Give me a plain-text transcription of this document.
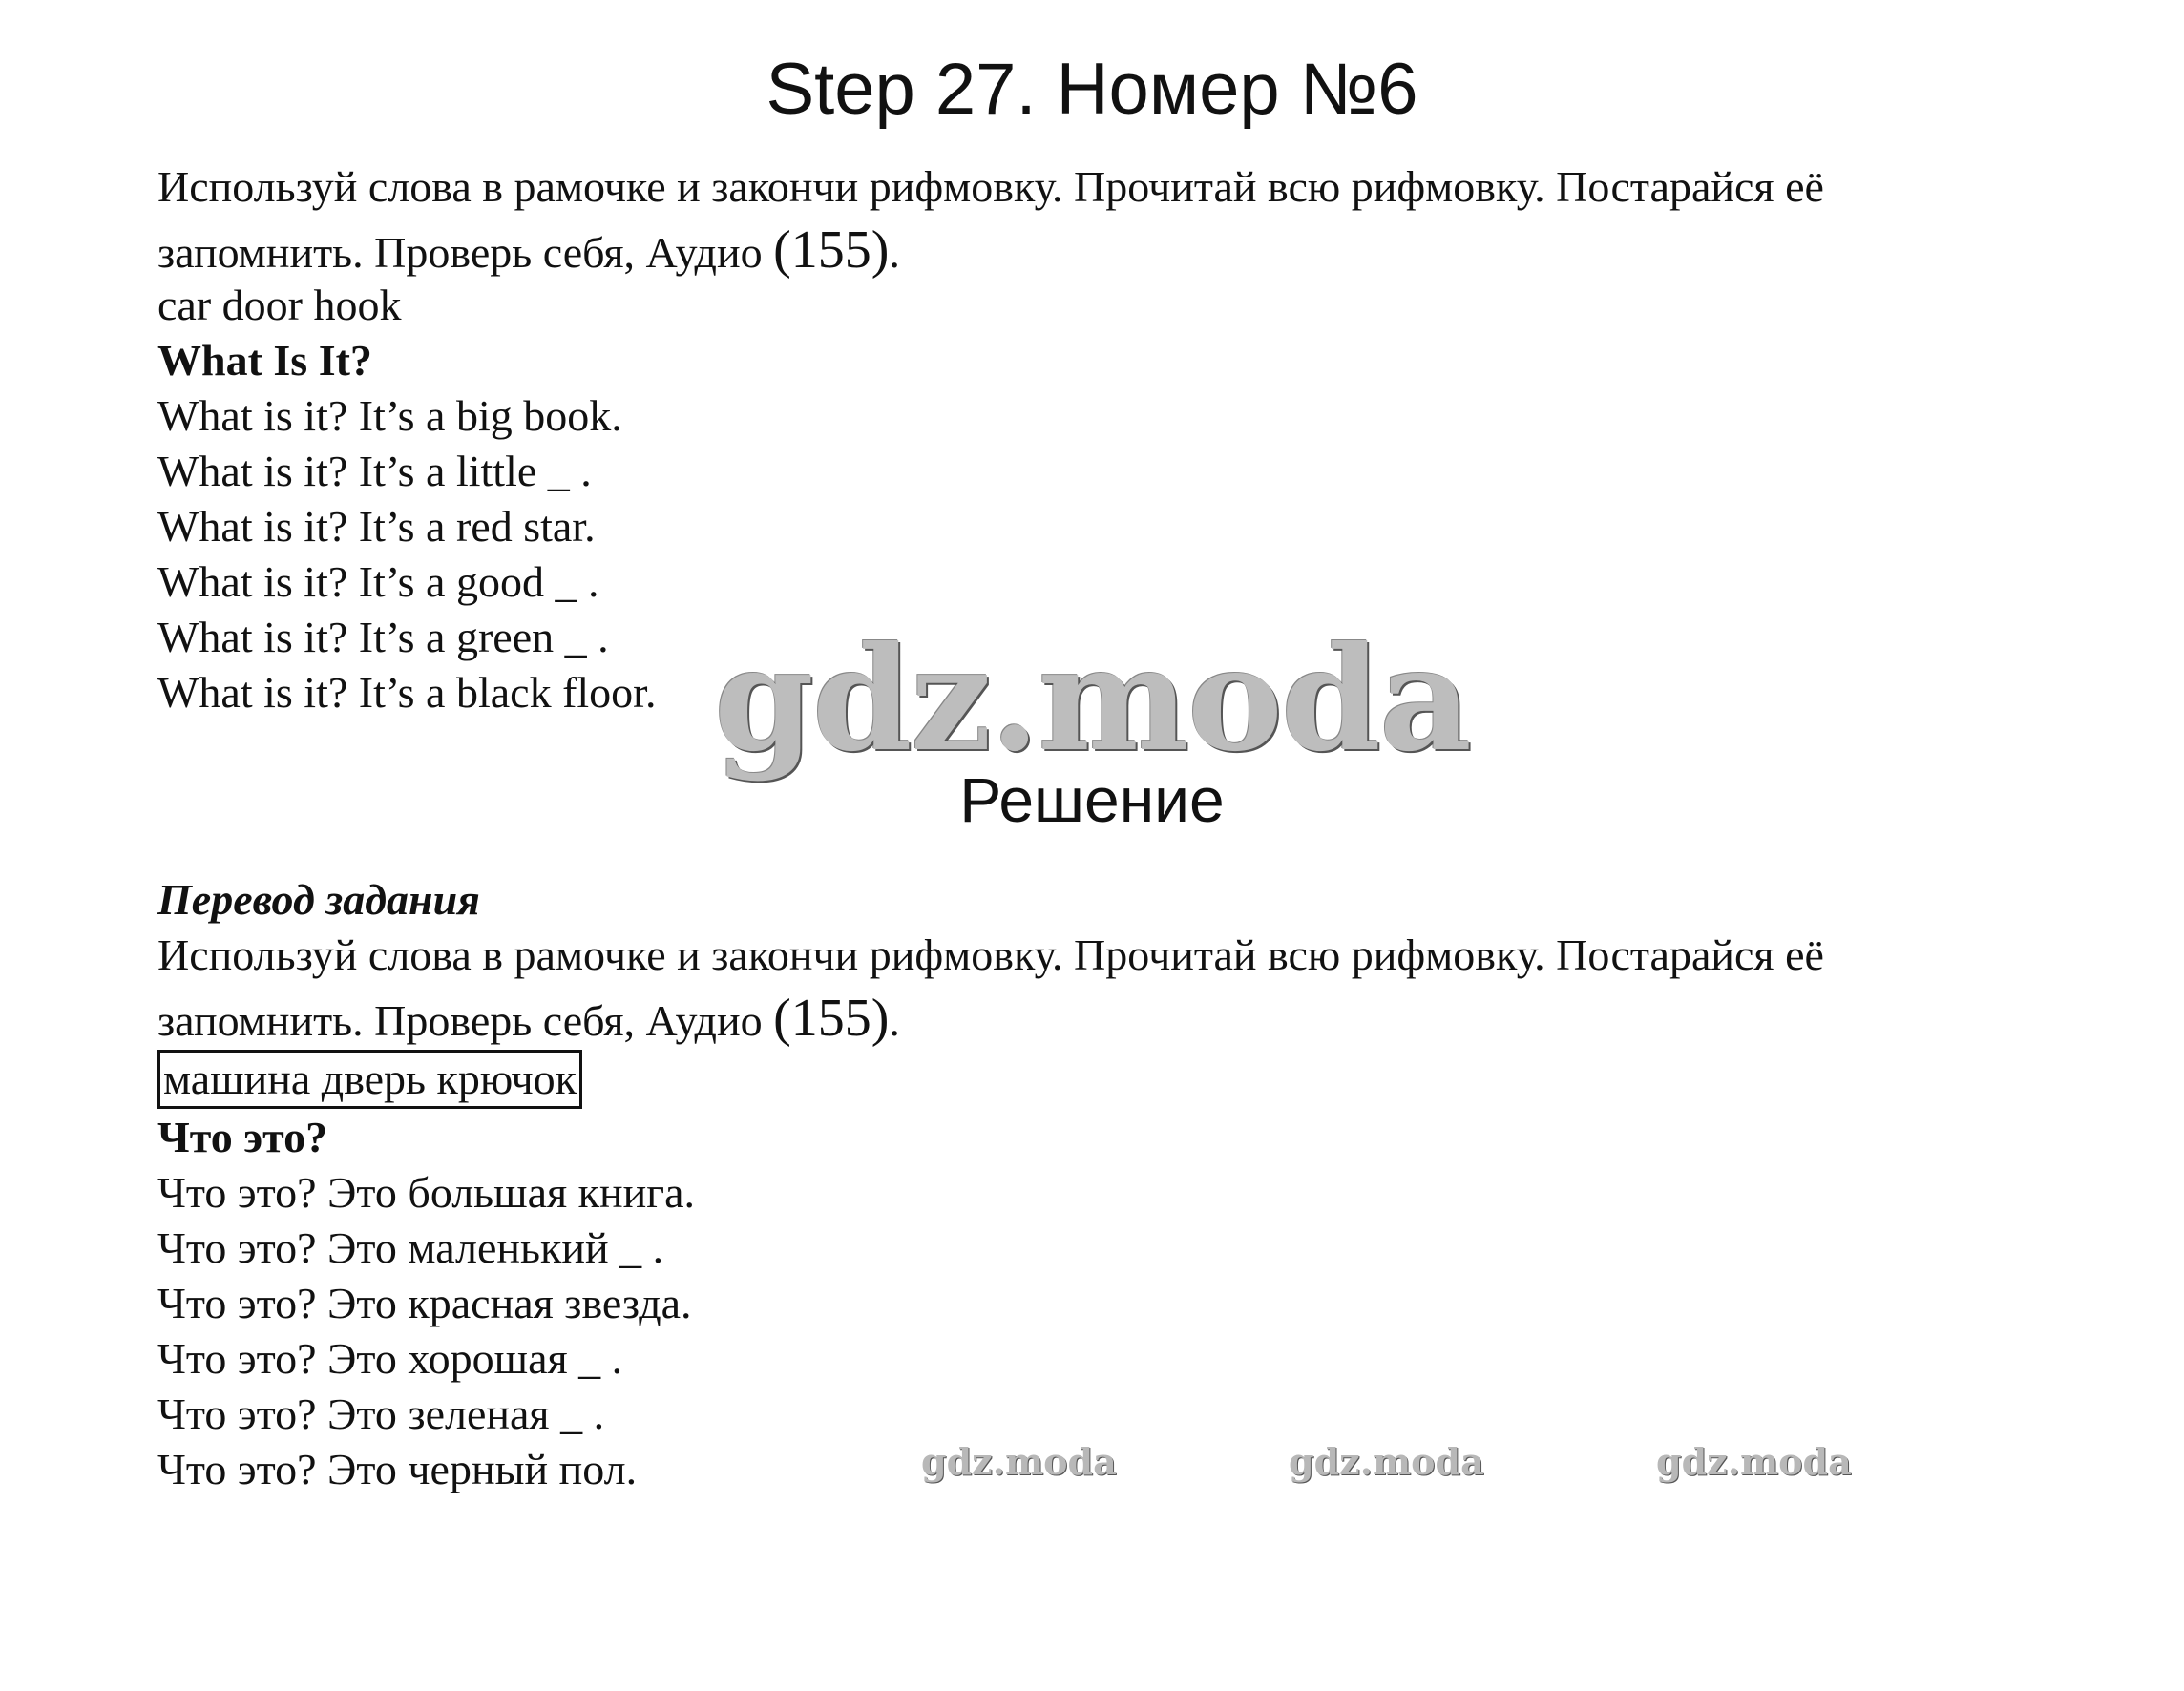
Step 27. Номер №6
Используй слова в рамочке и закончи рифмовку. Прочитай всю рифмовку. Постарайся её запомнить. Проверь себя, Аудио (155).
car door hook
What Is It?
What is it? It’s a big book.
What is it? It’s a little _ .
What is it? It’s a red star.
What is it? It’s a good _ .
What is it? It’s a green _ .
What is it? It’s a black floor. gdz.moda
Решение
Перевод задания
Используй слова в рамочке и закончи рифмовку. Прочитай всю рифмовку. Постарайся её запомнить. Проверь себя, Аудио (155).
машина дверь крючок
Что это?
Что это? Это большая книга.
Что это? Это маленький _ .
Что это? Это красная звезда.
Что это? Это хорошая _ .
Что это? Это зеленая _ .
Что это? Это черный пол.	gdz.moda	gdz.moda	gdz.moda
